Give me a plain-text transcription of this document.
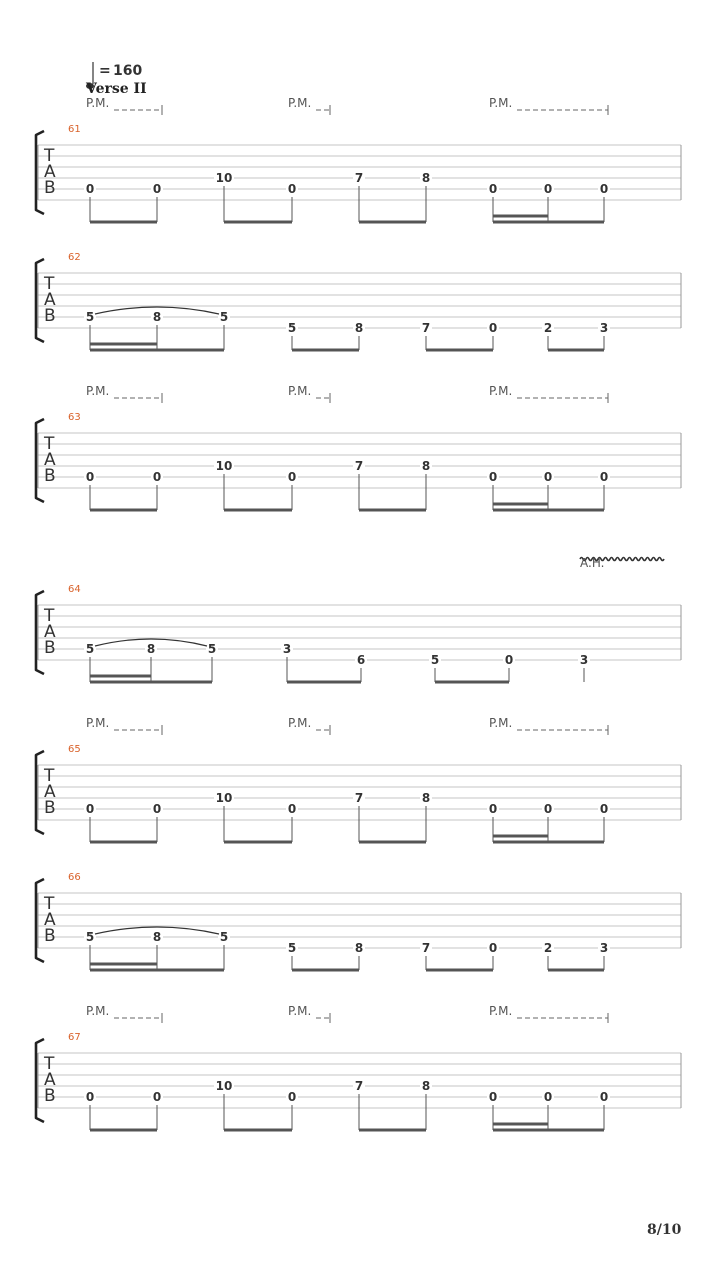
= 160
Verse II
P.M.	P.M.	P.M.
61
T
A
B	0	0
10
0
7	8
0	0	0
62
T
A
B	5	8	5
5	8	7	0	2	3
P.M.	P.M.	P.M.
63
T
A
B	0	0
10
0
7	8
0	0	0
A.H.
64
T
A
B	5	8	5	3
6	5	0	3
P.M.	P.M.	P.M.
65
T
A
B	0	0
10
0
7	8
0	0	0
66
T
A
B	5	8	5
5	8	7	0	2	3
P.M.	P.M.	P.M.
67
T
A
B	0	0
10
0
7	8
0	0	0
8/10
